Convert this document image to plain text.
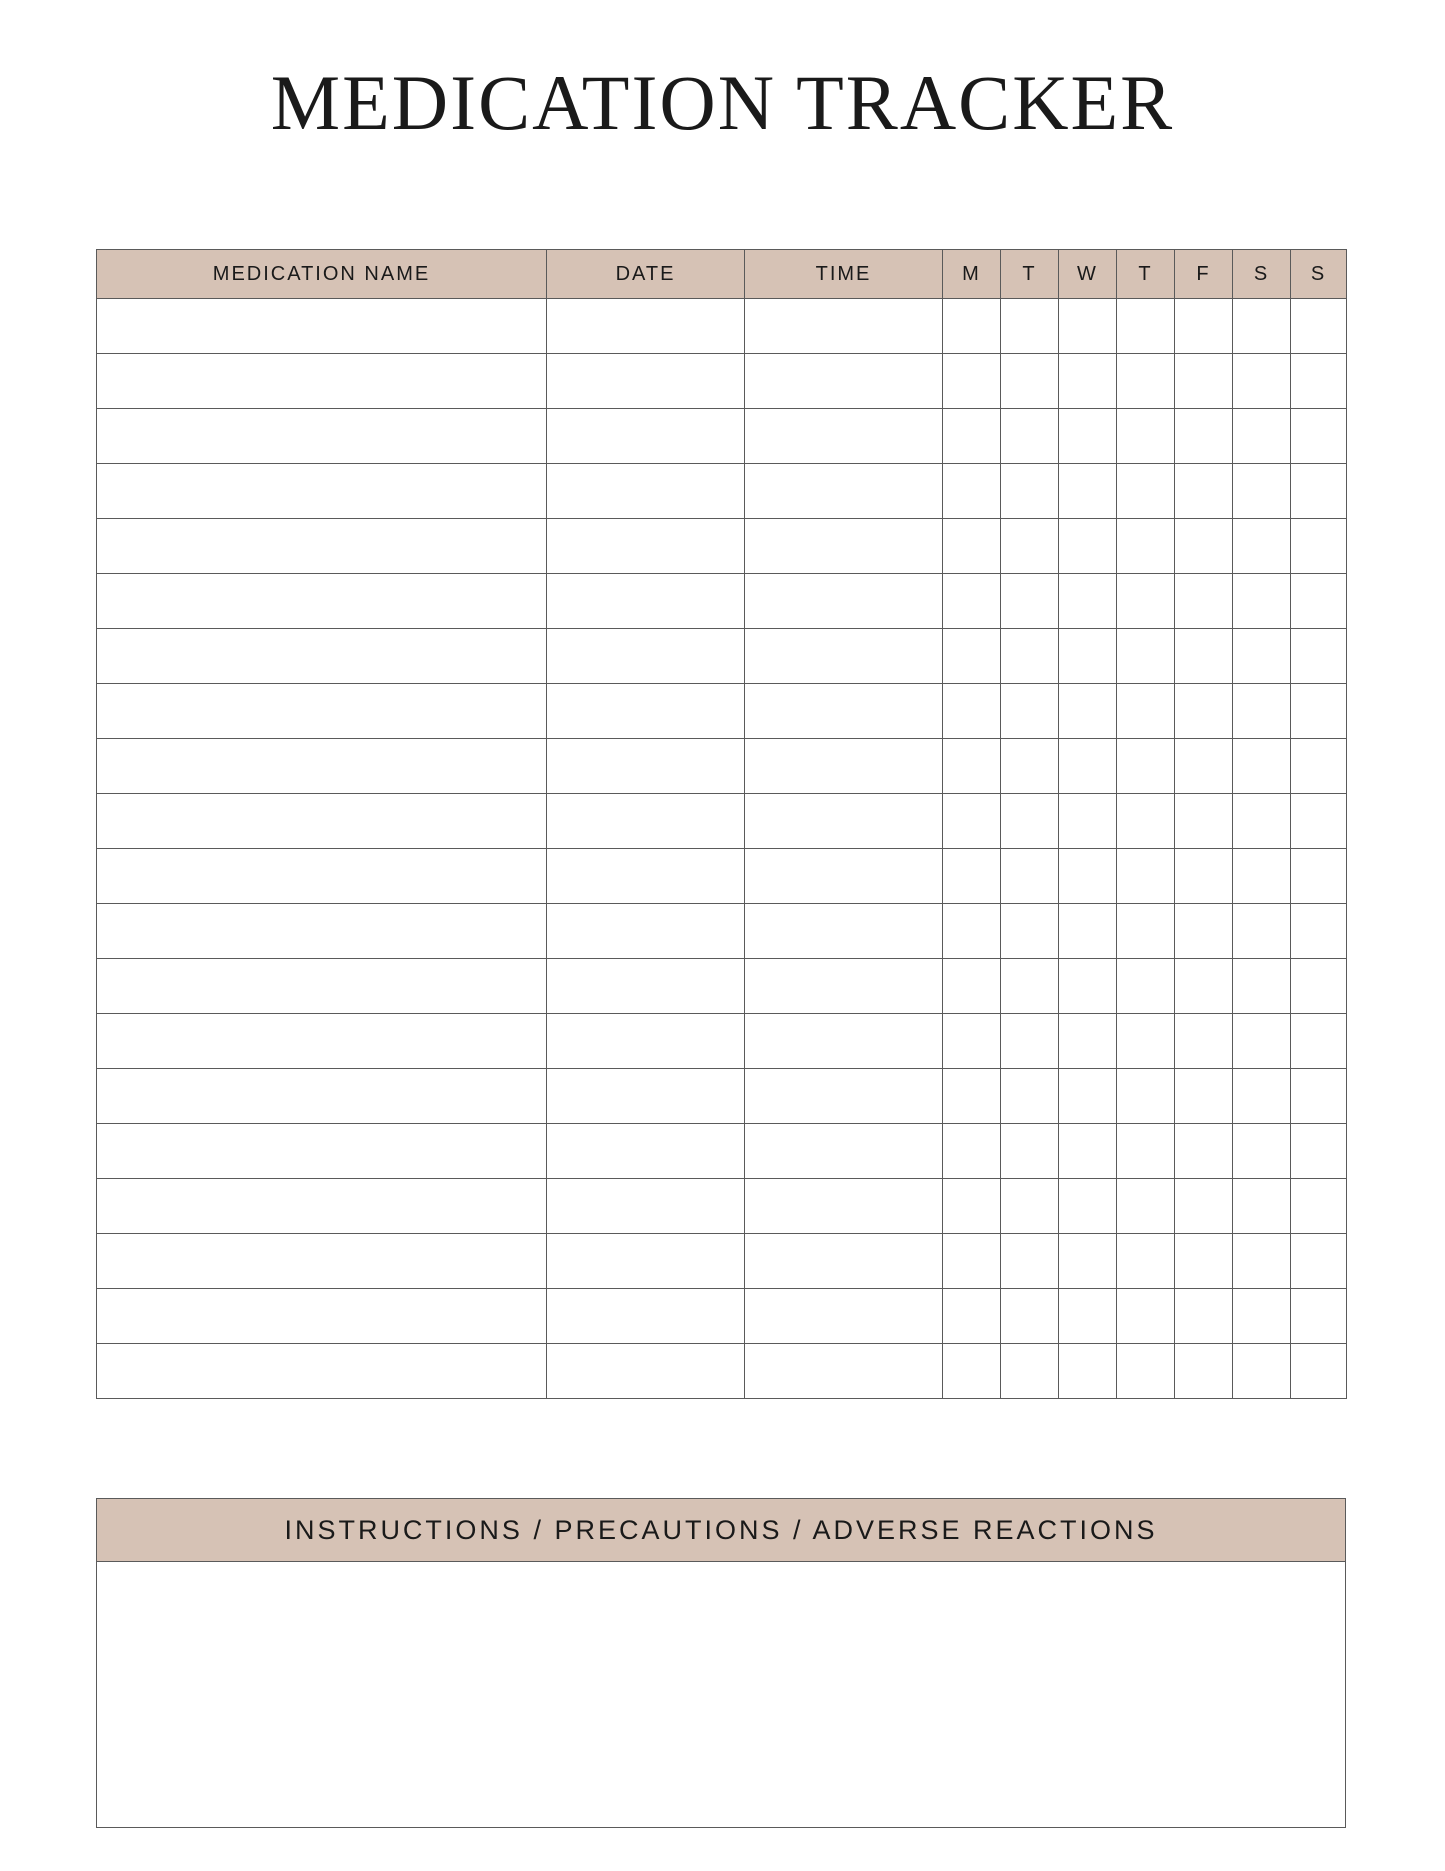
MEDICATION TRACKER
MEDICATION NAME	DATE	TIME	M	T	W	T	F	S	S

INSTRUCTIONS / PRECAUTIONS / ADVERSE REACTIONS
